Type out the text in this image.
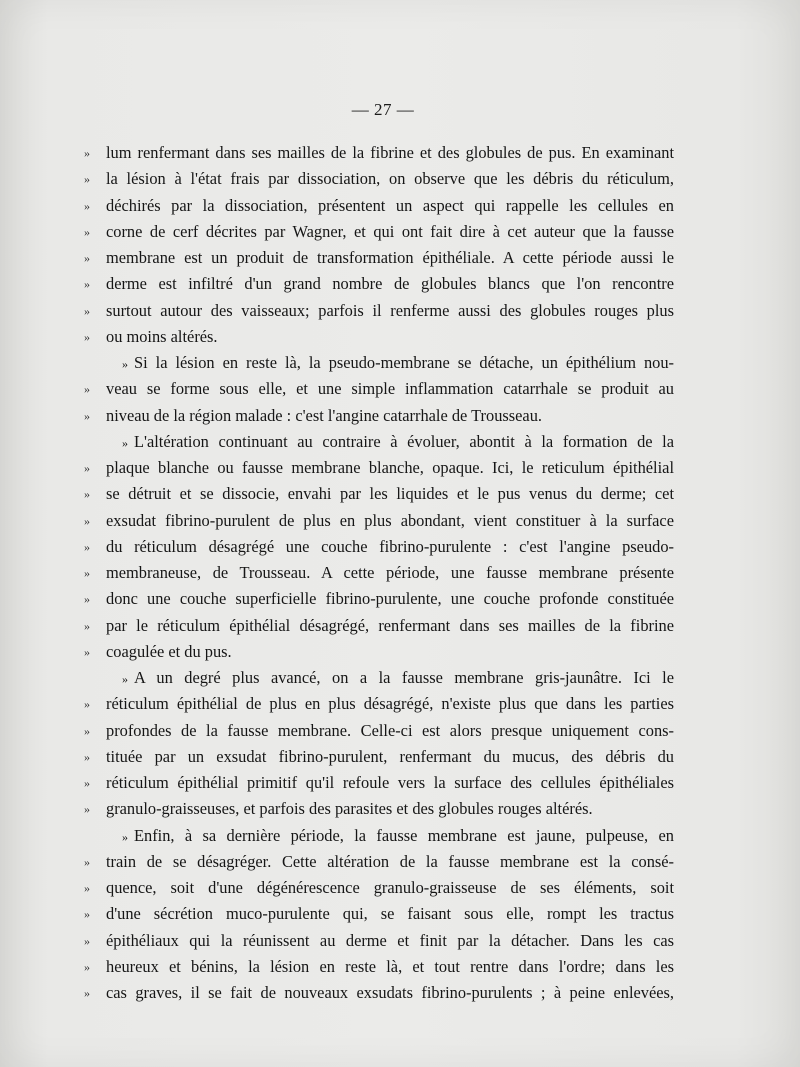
— 27 —
» lum renfermant dans ses mailles de la fibrine et des globules de pus. En examinant
» la lésion à l'état frais par dissociation, on observe que les débris du réticulum,
» déchirés par la dissociation, présentent un aspect qui rappelle les cellules en
» corne de cerf décrites par Wagner, et qui ont fait dire à cet auteur que la fausse
» membrane est un produit de transformation épithéliale. A cette période aussi le
» derme est infiltré d'un grand nombre de globules blancs que l'on rencontre
» surtout autour des vaisseaux; parfois il renferme aussi des globules rouges plus
» ou moins altérés.
» Si la lésion en reste là, la pseudo-membrane se détache, un épithélium nou-
» veau se forme sous elle, et une simple inflammation catarrhale se produit au
» niveau de la région malade : c'est l'angine catarrhale de Trousseau.
» L'altération continuant au contraire à évoluer, abontit à la formation de la
» plaque blanche ou fausse membrane blanche, opaque. Ici, le reticulum épithélial
» se détruit et se dissocie, envahi par les liquides et le pus venus du derme; cet
» exsudat fibrino-purulent de plus en plus abondant, vient constituer à la surface
» du réticulum désagrégé une couche fibrino-purulente : c'est l'angine pseudo-
» membraneuse, de Trousseau. A cette période, une fausse membrane présente
» donc une couche superficielle fibrino-purulente, une couche profonde constituée
» par le réticulum épithélial désagrégé, renfermant dans ses mailles de la fibrine
» coagulée et du pus.
» A un degré plus avancé, on a la fausse membrane gris-jaunâtre. Ici le
» réticulum épithélial de plus en plus désagrégé, n'existe plus que dans les parties
» profondes de la fausse membrane. Celle-ci est alors presque uniquement cons-
» tituée par un exsudat fibrino-purulent, renfermant du mucus, des débris du
» réticulum épithélial primitif qu'il refoule vers la surface des cellules épithéliales
» granulo-graisseuses, et parfois des parasites et des globules rouges altérés.
» Enfin, à sa dernière période, la fausse membrane est jaune, pulpeuse, en
» train de se désagréger. Cette altération de la fausse membrane est la consé-
» quence, soit d'une dégénérescence granulo-graisseuse de ses éléments, soit
» d'une sécrétion muco-purulente qui, se faisant sous elle, rompt les tractus
» épithéliaux qui la réunissent au derme et finit par la détacher. Dans les cas
» heureux et bénins, la lésion en reste là, et tout rentre dans l'ordre; dans les
» cas graves, il se fait de nouveaux exsudats fibrino-purulents ; à peine enlevées,
